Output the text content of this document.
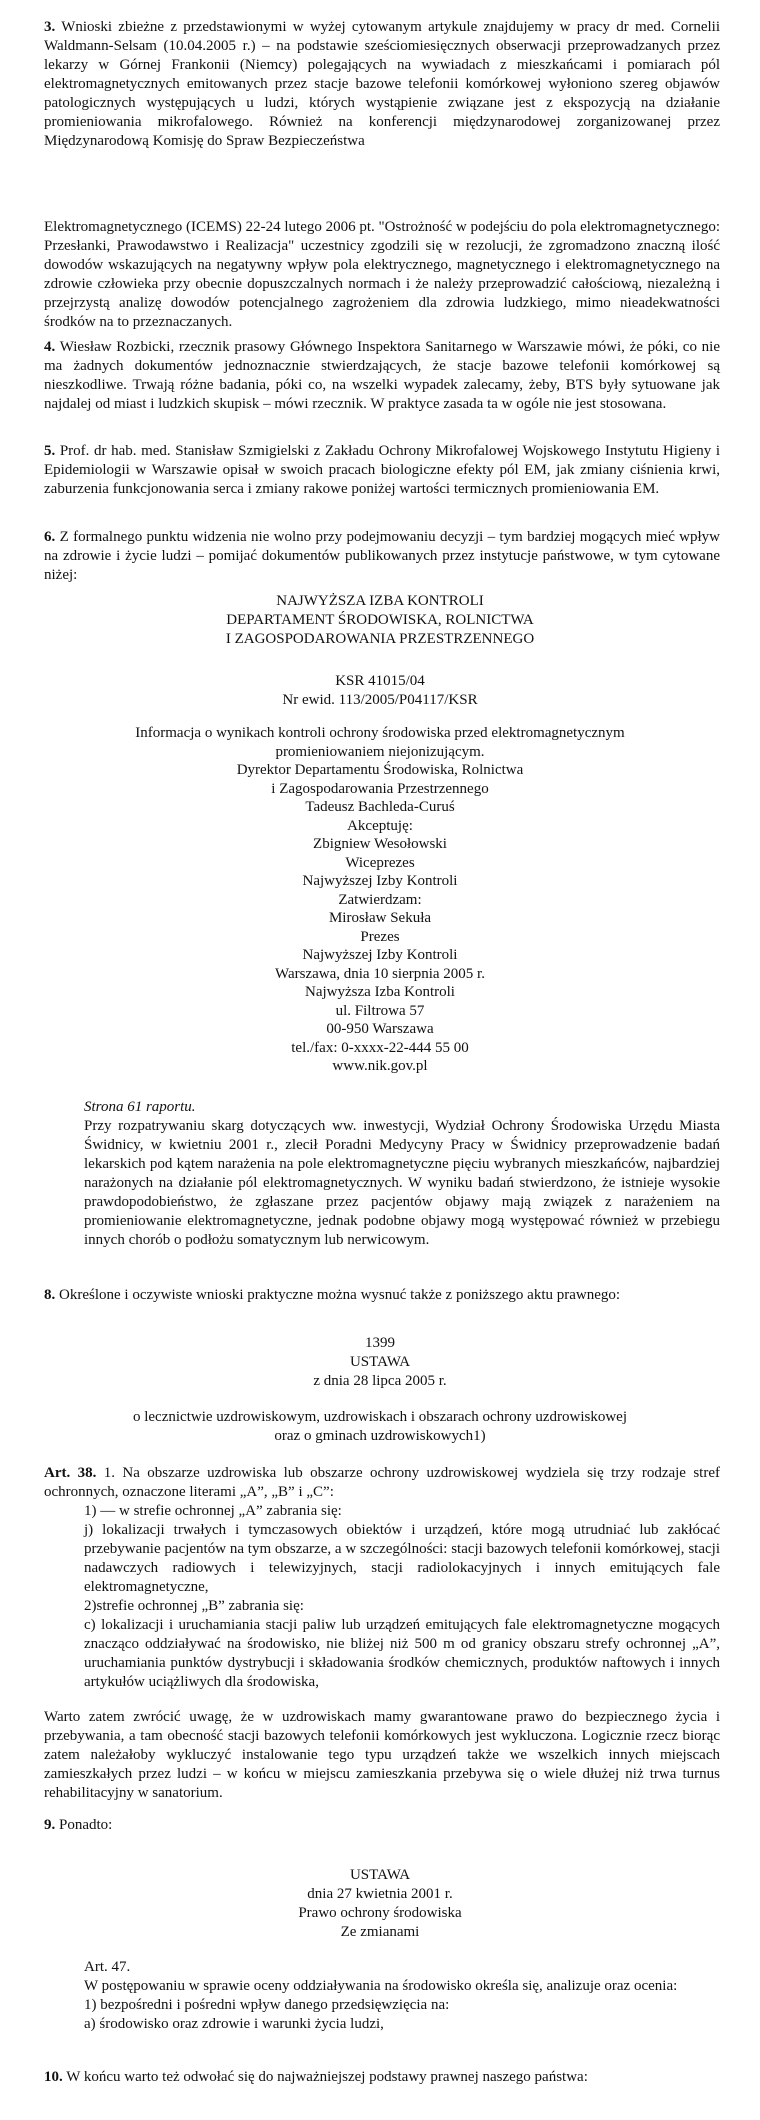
3. Wnioski zbieżne z przedstawionymi w wyżej cytowanym artykule znajdujemy w pracy dr med. Cornelii Waldmann-Selsam (10.04.2005 r.) – na podstawie sześciomiesięcznych obserwacji przeprowadzanych przez lekarzy w Górnej Frankonii (Niemcy) polegających na wywiadach z mieszkańcami i pomiarach pól elektromagnetycznych emitowanych przez stacje bazowe telefonii komórkowej wyłoniono szereg objawów patologicznych występujących u ludzi, których wystąpienie związane jest z ekspozycją na działanie promieniowania mikrofalowego. Również na konferencji międzynarodowej zorganizowanej przez Międzynarodową Komisję do Spraw Bezpieczeństwa

Elektromagnetycznego (ICEMS) 22-24 lutego 2006 pt. "Ostrożność w podejściu do pola elektromagnetycznego: Przesłanki, Prawodawstwo i Realizacja" uczestnicy zgodzili się w rezolucji, że zgromadzono znaczną ilość dowodów wskazujących na negatywny wpływ pola elektrycznego, magnetycznego i elektromagnetycznego na zdrowie człowieka przy obecnie dopuszczalnych normach i że należy przeprowadzić całościową, niezależną i przejrzystą analizę dowodów potencjalnego zagrożeniem dla zdrowia ludzkiego, mimo nieadekwatności środków na to przeznaczanych.

4. Wiesław Rozbicki, rzecznik prasowy Głównego Inspektora Sanitarnego w Warszawie mówi, że póki, co nie ma żadnych dokumentów jednoznacznie stwierdzających, że stacje bazowe telefonii komórkowej są nieszkodliwe. Trwają różne badania, póki co, na wszelki wypadek zalecamy, żeby, BTS były sytuowane jak najdalej od miast i ludzkich skupisk – mówi rzecznik. W praktyce zasada ta w ogóle nie jest stosowana.

5. Prof. dr hab. med. Stanisław Szmigielski z Zakładu Ochrony Mikrofalowej Wojskowego Instytutu Higieny i Epidemiologii w Warszawie opisał w swoich pracach biologiczne efekty pól EM, jak zmiany ciśnienia krwi, zaburzenia funkcjonowania serca i zmiany rakowe poniżej wartości termicznych promieniowania EM.

6. Z formalnego punktu widzenia nie wolno przy podejmowaniu decyzji – tym bardziej mogących mieć wpływ na zdrowie i życie ludzi – pomijać dokumentów publikowanych przez instytucje państwowe, w tym cytowane niżej:

NAJWYŻSZA IZBA KONTROLI

DEPARTAMENT ŚRODOWISKA, ROLNICTWA

I ZAGOSPODAROWANIA PRZESTRZENNEGO

KSR 41015/04

Nr ewid. 113/2005/P04117/KSR

Informacja o wynikach kontroli ochrony środowiska przed elektromagnetycznym

promieniowaniem niejonizującym.

Dyrektor Departamentu Środowiska, Rolnictwa

i Zagospodarowania Przestrzennego

Tadeusz Bachleda-Curuś

Akceptuję:

Zbigniew Wesołowski

Wiceprezes

Najwyższej Izby Kontroli

Zatwierdzam:

Mirosław Sekuła

Prezes

Najwyższej Izby Kontroli

Warszawa, dnia 10 sierpnia 2005 r.

Najwyższa Izba Kontroli

ul. Filtrowa 57

00-950 Warszawa

tel./fax: 0-xxxx-22-444 55 00

www.nik.gov.pl

Strona 61 raportu.

Przy rozpatrywaniu skarg dotyczących ww. inwestycji, Wydział Ochrony Środowiska Urzędu Miasta Świdnicy, w kwietniu 2001 r., zlecił Poradni Medycyny Pracy w Świdnicy przeprowadzenie badań lekarskich pod kątem narażenia na pole elektromagnetyczne pięciu wybranych mieszkańców, najbardziej narażonych na działanie pól elektromagnetycznych. W wyniku badań stwierdzono, że istnieje wysokie prawdopodobieństwo, że zgłaszane przez pacjentów objawy mają związek z narażeniem na promieniowanie elektromagnetyczne, jednak podobne objawy mogą występować również w przebiegu innych chorób o podłożu somatycznym lub nerwicowym.

8. Określone i oczywiste wnioski praktyczne można wysnuć także z poniższego aktu prawnego:

1399

USTAWA

z dnia 28 lipca 2005 r.

o lecznictwie uzdrowiskowym, uzdrowiskach i obszarach ochrony uzdrowiskowej

oraz o gminach uzdrowiskowych1)

Art. 38. 1. Na obszarze uzdrowiska lub obszarze ochrony uzdrowiskowej wydziela się trzy rodzaje stref ochronnych, oznaczone literami „A”, „B” i „C”:

1) — w strefie ochronnej „A” zabrania się:

j) lokalizacji trwałych i tymczasowych obiektów i urządzeń, które mogą utrudniać lub zakłócać przebywanie pacjentów na tym obszarze, a w szczególności: stacji bazowych telefonii komórkowej, stacji nadawczych radiowych i telewizyjnych, stacji radiolokacyjnych i innych emitujących fale elektromagnetyczne,

2)strefie ochronnej „B” zabrania się:

c) lokalizacji i uruchamiania stacji paliw lub urządzeń emitujących fale elektromagnetyczne mogących znacząco oddziaływać na środowisko, nie bliżej niż 500 m od granicy obszaru strefy ochronnej „A”, uruchamiania punktów dystrybucji i składowania środków chemicznych, produktów naftowych i innych artykułów uciążliwych dla środowiska,

Warto zatem zwrócić uwagę, że w uzdrowiskach mamy gwarantowane prawo do bezpiecznego życia i przebywania, a tam obecność stacji bazowych telefonii komórkowych jest wykluczona. Logicznie rzecz biorąc zatem należałoby wykluczyć instalowanie tego typu urządzeń także we wszelkich innych miejscach zamieszkałych przez ludzi – w końcu w miejscu zamieszkania przebywa się o wiele dłużej niż trwa turnus rehabilitacyjny w sanatorium.

9. Ponadto:

USTAWA

dnia 27 kwietnia 2001 r.

Prawo ochrony środowiska

Ze zmianami

Art. 47.

W postępowaniu w sprawie oceny oddziaływania na środowisko określa się, analizuje oraz ocenia:

1) bezpośredni i pośredni wpływ danego przedsięwzięcia na:

a) środowisko oraz zdrowie i warunki życia ludzi,

10. W końcu warto też odwołać się do najważniejszej podstawy prawnej naszego państwa:
